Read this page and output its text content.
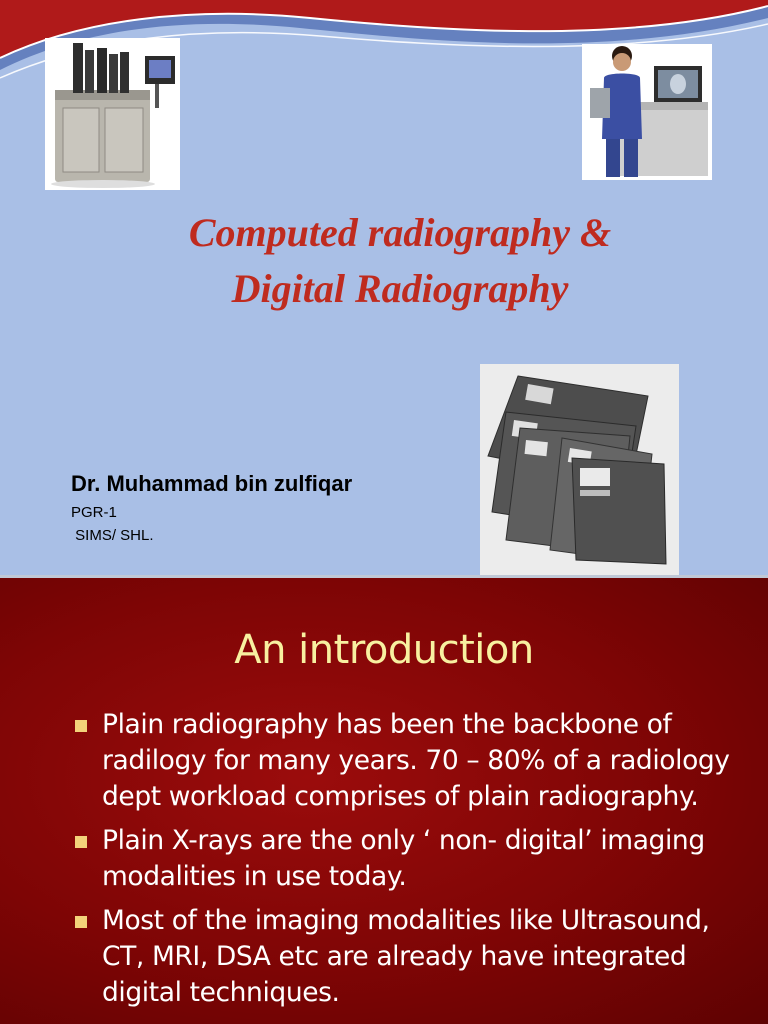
Computed radiography &
Digital Radiography
Dr. Muhammad bin zulfiqar
PGR-1
SIMS/ SHL.
An introduction
Plain radiography has been the backbone of radilogy for many years. 70 – 80% of a radiology dept workload comprises of plain radiography.
Plain X-rays are the only ‘ non- digital’ imaging modalities in use today.
Most of the imaging modalities like Ultrasound, CT, MRI, DSA etc are already have integrated digital techniques.
